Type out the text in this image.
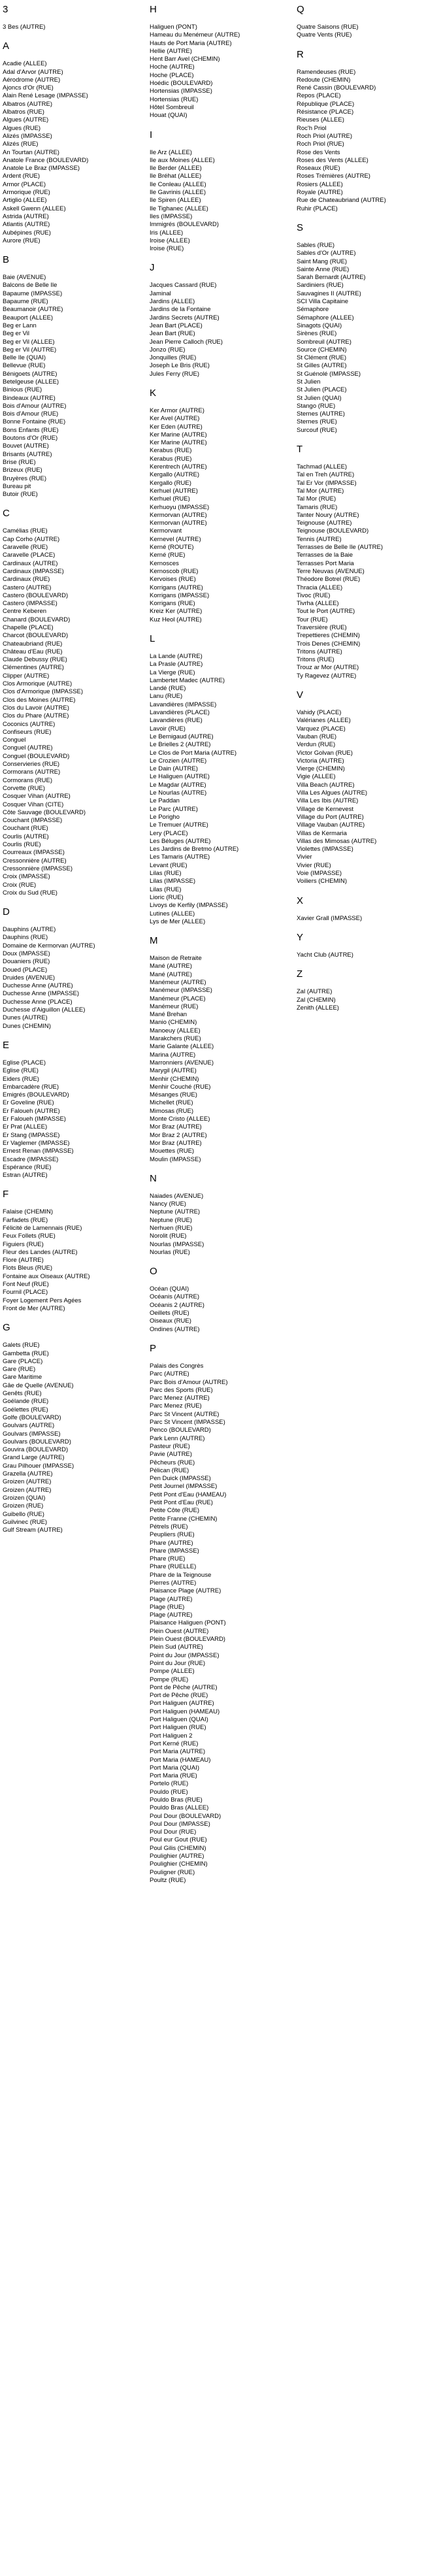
3
3 Bes (AUTRE)
A
Acadie (ALLEE)
Adal d'Arvor (AUTRE)
Aérodrome (AUTRE)
Ajoncs d'Or (RUE)
Alain René Lesage (IMPASSE)
Albatros (AUTRE)
Albatros (RUE)
Algues (AUTRE)
Algues (RUE)
Alizés (IMPASSE)
Alizés (RUE)
An Tourtan (AUTRE)
Anatole France (BOULEVARD)
Anatole Le Braz (IMPASSE)
Ardent (RUE)
Armor (PLACE)
Armorique (RUE)
Artiglio (ALLEE)
Askell Gwenn (ALLEE)
Astrida (AUTRE)
Atlantis (AUTRE)
Aubépines (RUE)
Aurore (RUE)
B
Baie (AVENUE)
Balcons de Belle Ile
Bapaume (IMPASSE)
Bapaume (RUE)
Beaumanoir (AUTRE)
Beauport (ALLEE)
Beg er Lann
Beg er Vil
Beg er Vil (ALLEE)
Beg er Vil (AUTRE)
Belle Ile (QUAI)
Bellevue (RUE)
Bénigoets (AUTRE)
Betelgeuse (ALLEE)
Binious (RUE)
Bindeaux (AUTRE)
Bois d'Amour (AUTRE)
Bois d'Amour (RUE)
Bonne Fontaine (RUE)
Bons Enfants (RUE)
Boutons d'Or (RUE)
Bouvet (AUTRE)
Brisants (AUTRE)
Brise (RUE)
Brizeux (RUE)
Bruyères (RUE)
Bureau pit
Butoir (RUE)
C
Camélias (RUE)
Cap Corho (AUTRE)
Caravelle (RUE)
Caravelle (PLACE)
Cardinaux (AUTRE)
Cardinaux (IMPASSE)
Cardinaux (RUE)
Castero (AUTRE)
Castero (BOULEVARD)
Castero (IMPASSE)
Centre Keberen
Chanard (BOULEVARD)
Chapelle (PLACE)
Charcot (BOULEVARD)
Chateaubriand (RUE)
Château d'Eau (RUE)
Claude Debussy (RUE)
Clémentines (AUTRE)
Clipper (AUTRE)
Clos Armorique (AUTRE)
Clos d'Armorique (IMPASSE)
Clos des Moines (AUTRE)
Clos du Lavoir (AUTRE)
Clos du Phare (AUTRE)
Coconics (AUTRE)
Confiseurs (RUE)
Conguel
Conguel (AUTRE)
Conguel (BOULEVARD)
Conservieries (RUE)
Cormorans (AUTRE)
Cormorans (RUE)
Corvette (RUE)
Cosquer Vihan (AUTRE)
Cosquer Vihan (CITE)
Côte Sauvage (BOULEVARD)
Couchant (IMPASSE)
Couchant (RUE)
Courlis (AUTRE)
Courlis (RUE)
Courreaux (IMPASSE)
Cressonnière (AUTRE)
Cressonnière (IMPASSE)
Croix (IMPASSE)
Croix (RUE)
Croix du Sud (RUE)
D
Dauphins (AUTRE)
Dauphins (RUE)
Domaine de Kermorvan (AUTRE)
Doux (IMPASSE)
Douaniers (RUE)
Doued (PLACE)
Druides (AVENUE)
Duchesse Anne (AUTRE)
Duchesse Anne (IMPASSE)
Duchesse Anne (PLACE)
Duchesse d'Aiguillon (ALLEE)
Dunes (AUTRE)
Dunes (CHEMIN)
E
Eglise (PLACE)
Eglise (RUE)
Eiders (RUE)
Embarcadère (RUE)
Emigrés (BOULEVARD)
Er Goveline (RUE)
Er Faloueh (AUTRE)
Er Faloueh (IMPASSE)
Er Prat (ALLEE)
Er Stang (IMPASSE)
Er Vaglemer (IMPASSE)
Ernest Renan (IMPASSE)
Escadre (IMPASSE)
Espérance (RUE)
Estran (AUTRE)
F
Falaise (CHEMIN)
Farfadets (RUE)
Félicité de Lamennais (RUE)
Feux Follets (RUE)
Figuiers (RUE)
Fleur des Landes (AUTRE)
Flore (AUTRE)
Flots Bleus (RUE)
Fontaine aux Oiseaux (AUTRE)
Font Neuf (RUE)
Fournil (PLACE)
Foyer Logement Pers Agées
Front de Mer (AUTRE)
G
Galets (RUE)
Gambetta (RUE)
Gare (PLACE)
Gare (RUE)
Gare Maritime
Gâe de Quelle (AVENUE)
Genêts (RUE)
Goélande (RUE)
Goélettes (RUE)
Golfe (BOULEVARD)
Goulvars (AUTRE)
Goulvars (IMPASSE)
Goulvars (BOULEVARD)
Gouvira (BOULEVARD)
Grand Large (AUTRE)
Grau Pilhouer (IMPASSE)
Grazella (AUTRE)
Groizen (AUTRE)
Groizen (AUTRE)
Groizen (QUAI)
Groizen (RUE)
Guibello (RUE)
Guilvinec (RUE)
Gulf Stream (AUTRE)
H
Haliguen (PONT)
Hameau du Menémeur (AUTRE)
Hauts de Port Maria (AUTRE)
Hellie (AUTRE)
Hent Barr Avel (CHEMIN)
Hoche (AUTRE)
Hoche (PLACE)
Hoédic (BOULEVARD)
Hortensias (IMPASSE)
Hortensias (RUE)
Hôtel Sombreuil
Houat (QUAI)
I
Ile Arz (ALLEE)
Ile aux Moines (ALLEE)
Ile Berder (ALLEE)
Ile Bréhat (ALLEE)
Ile Conleau (ALLEE)
Ile Gavrinis (ALLEE)
Ile Spiren (ALLEE)
Ile Tighanec (ALLEE)
Iles (IMPASSE)
Immigrés (BOULEVARD)
Iris (ALLEE)
Iroise (ALLEE)
Iroise (RUE)
J
Jacques Cassard (RUE)
Jaminal
Jardins (ALLEE)
Jardins de la Fontaine
Jardins Secrets (AUTRE)
Jean Bart (PLACE)
Jean Bart (RUE)
Jean Pierre Calloch (RUE)
Jonzo (RUE)
Jonquilles (RUE)
Joseph Le Bris (RUE)
Jules Ferry (RUE)
K
Ker Armor (AUTRE)
Ker Avel (AUTRE)
Ker Eden (AUTRE)
Ker Marine (AUTRE)
Ker Marine (AUTRE)
Kerabus (RUE)
Kerabus (RUE)
Kerentrech (AUTRE)
Kergallo (AUTRE)
Kergallo (RUE)
Kerhuel (AUTRE)
Kerhuel (RUE)
Kerhuoyu (IMPASSE)
Kermorvan (AUTRE)
Kermorvan (AUTRE)
Kermorvant
Kernevel (AUTRE)
Kerné (ROUTE)
Kerné (RUE)
Kernosces
Kernoscob (RUE)
Kervoises (RUE)
Korrigans (AUTRE)
Korrigans (IMPASSE)
Korrigans (RUE)
Kreiz Ker (AUTRE)
Kuz Heol (AUTRE)
L
La Lande (AUTRE)
La Prasle (AUTRE)
La Vierge (RUE)
Lambertet Madec (AUTRE)
Landé (RUE)
Lanu (RUE)
Lavandières (IMPASSE)
Lavandières (PLACE)
Lavandières (RUE)
Lavoir (RUE)
Le Bernigaud (AUTRE)
Le Brielles 2 (AUTRE)
Le Clos de Port Maria (AUTRE)
Le Crozien (AUTRE)
Le Dain (AUTRE)
Le Haliguen (AUTRE)
Le Magdar (AUTRE)
Le Nourlas (AUTRE)
Le Paddan
Le Parc (AUTRE)
Le Porigho
Le Tremuer (AUTRE)
Lery (PLACE)
Les Béluges (AUTRE)
Les Jardins de Bretmo (AUTRE)
Les Tamaris (AUTRE)
Levant (RUE)
Lilas (RUE)
Lilas (IMPASSE)
Lilas (RUE)
Lioric (RUE)
Livoys de Kerfily (IMPASSE)
Lutines (ALLEE)
Lys de Mer (ALLEE)
M
Maison de Retraite
Mané (AUTRE)
Mané (AUTRE)
Manémeur (AUTRE)
Manémeur (IMPASSE)
Manémeur (PLACE)
Manémeur (RUE)
Mané Brehan
Manio (CHEMIN)
Manoeuy (ALLEE)
Marakchers (RUE)
Marie Galante (ALLEE)
Marina (AUTRE)
Marronniers (AVENUE)
Marygil (AUTRE)
Menhir (CHEMIN)
Menhir Couché (RUE)
Mésanges (RUE)
Michellet (RUE)
Mimosas (RUE)
Monte Cristo (ALLEE)
Mor Braz (AUTRE)
Mor Braz 2 (AUTRE)
Mor Braz (AUTRE)
Mouettes (RUE)
Moulin (IMPASSE)
N
Naiades (AVENUE)
Nancy (RUE)
Neptune (AUTRE)
Neptune (RUE)
Nerhuen (RUE)
Norolit (RUE)
Nourlas (IMPASSE)
Nourlas (RUE)
O
Océan (QUAI)
Océanis (AUTRE)
Océanis 2 (AUTRE)
Oeillets (RUE)
Oiseaux (RUE)
Ondines (AUTRE)
P
Palais des Congrès
Parc (AUTRE)
Parc Bois d'Amour (AUTRE)
Parc des Sports (RUE)
Parc Menez (AUTRE)
Parc Menez (RUE)
Parc St Vincent (AUTRE)
Parc St Vincent (IMPASSE)
Penco (BOULEVARD)
Park Lenn (AUTRE)
Pasteur (RUE)
Pavie (AUTRE)
Pêcheurs (RUE)
Pélican (RUE)
Pen Duick (IMPASSE)
Petit Journel (IMPASSE)
Petit Pont d'Eau (HAMEAU)
Petit Pont d'Eau (RUE)
Petite Côte (RUE)
Petite Franne (CHEMIN)
Pétrels (RUE)
Peupliers (RUE)
Phare (AUTRE)
Phare (IMPASSE)
Phare (RUE)
Phare (RUELLE)
Phare de la Teignouse
Pierres (AUTRE)
Plaisance Plage (AUTRE)
Plage (AUTRE)
Plage (RUE)
Plage (AUTRE)
Plaisance Haliguen (PONT)
Plein Ouest (AUTRE)
Plein Ouest (BOULEVARD)
Plein Sud (AUTRE)
Point du Jour (IMPASSE)
Point du Jour (RUE)
Pompe (ALLEE)
Pompe (RUE)
Pont de Pêche (AUTRE)
Port de Pêche (RUE)
Port Haliguen (AUTRE)
Port Haliguen (HAMEAU)
Port Haliguen (QUAI)
Port Haliguen (RUE)
Port Haliguen 2
Port Kerné (RUE)
Port Maria (AUTRE)
Port Maria (HAMEAU)
Port Maria (QUAI)
Port Maria (RUE)
Portelo (RUE)
Pouldo (RUE)
Pouldo Bras (RUE)
Pouldo Bras (ALLEE)
Poul Dour (BOULEVARD)
Poul Dour (IMPASSE)
Poul Dour (RUE)
Poul eur Gout (RUE)
Poul Gilis (CHEMIN)
Poulighier (AUTRE)
Poulighier (CHEMIN)
Pouligner (RUE)
Poultz (RUE)
Q
Quatre Saisons (RUE)
Quatre Vents (RUE)
R
Ramendeuses (RUE)
Redoute (CHEMIN)
René Cassin (BOULEVARD)
Repos (PLACE)
République (PLACE)
Résistance (PLACE)
Rieuses (ALLEE)
Roc'h Priol
Roch Priol (AUTRE)
Roch Priol (RUE)
Rose des Vents
Roses des Vents (ALLEE)
Roseaux (RUE)
Roses Trémières (AUTRE)
Rosiers (ALLEE)
Royale (AUTRE)
Rue de Chateaubriand (AUTRE)
Ruhir (PLACE)
S
Sables (RUE)
Sables d'Or (AUTRE)
Saint Mang (RUE)
Sainte Anne (RUE)
Sarah Bernardt (AUTRE)
Sardiniers (RUE)
Sauvagines II (AUTRE)
SCI Villa Capitaine
Sémaphore
Sémaphore (ALLEE)
Sinagots (QUAI)
Sirènes (RUE)
Sombreuil (AUTRE)
Source (CHEMIN)
St Clément (RUE)
St Gilles (AUTRE)
St Guénolé (IMPASSE)
St Julien
St Julien (PLACE)
St Julien (QUAI)
Stango (RUE)
Sternes (AUTRE)
Sternes (RUE)
Surcouf (RUE)
T
Tachmad (ALLEE)
Tal en Treh (AUTRE)
Tal Er Vor (IMPASSE)
Tal Mor (AUTRE)
Tal Mor (RUE)
Tamaris (RUE)
Tanter Noury (AUTRE)
Teignouse (AUTRE)
Teignouse (BOULEVARD)
Tennis (AUTRE)
Terrasses de Belle Ile (AUTRE)
Terrasses de la Baie
Terrasses Port Maria
Terre Neuvas (AVENUE)
Théodore Botrel (RUE)
Thracia (ALLEE)
Tivoc (RUE)
Tivrha (ALLEE)
Tout le Port (AUTRE)
Tour (RUE)
Traversière (RUE)
Trepettieres (CHEMIN)
Trois Denes (CHEMIN)
Tritons (AUTRE)
Tritons (RUE)
Trouz ar Mor (AUTRE)
Ty Ragevez (AUTRE)
V
Vahidy (PLACE)
Valérianes (ALLEE)
Varquez (PLACE)
Vauban (RUE)
Verdun (RUE)
Victor Golvan (RUE)
Victoria (AUTRE)
Vierge (CHEMIN)
Vigie (ALLEE)
Villa Beach (AUTRE)
Villa Les Algues (AUTRE)
Villa Les Ibis (AUTRE)
Village de Kernevest
Village du Port (AUTRE)
Village Vauban (AUTRE)
Villas de Kermaria
Villas des Mimosas (AUTRE)
Violettes (IMPASSE)
Vivier
Vivier (RUE)
Voie (IMPASSE)
Voiliers (CHEMIN)
X
Xavier Grall (IMPASSE)
Y
Yacht Club (AUTRE)
Z
Zal (AUTRE)
Zal (CHEMIN)
Zenith (ALLEE)
